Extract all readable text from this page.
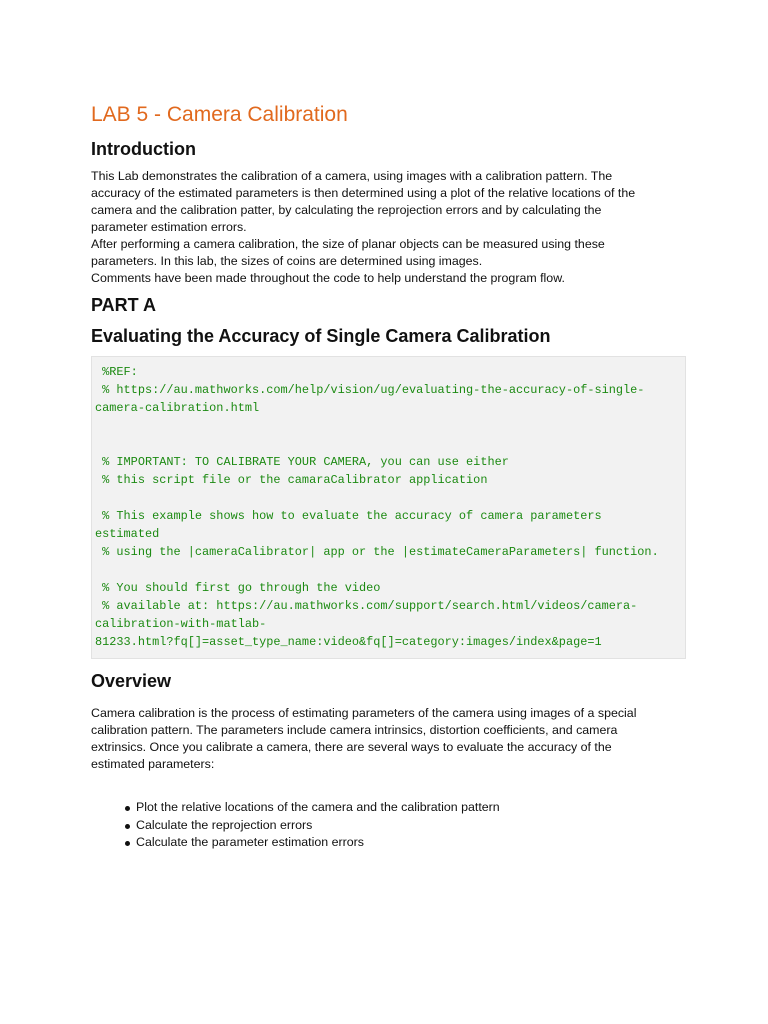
LAB 5 - Camera Calibration
Introduction
This Lab demonstrates the calibration of a camera, using images with a calibration pattern. The
accuracy of the estimated parameters is then determined using a plot of the relative locations of the
camera and the calibration patter, by calculating the reprojection errors and by calculating the
parameter estimation errors.
After performing a camera calibration, the size of planar objects can be measured using these
parameters. In this lab, the sizes of coins are determined using images.
Comments have been made throughout the code to help understand the program flow.
PART A
Evaluating the Accuracy of Single Camera Calibration
%REF:
% https://au.mathworks.com/help/vision/ug/evaluating-the-accuracy-of-single-
camera-calibration.html
% IMPORTANT: TO CALIBRATE YOUR CAMERA, you can use either
% this script file or the camaraCalibrator application
% This example shows how to evaluate the accuracy of camera parameters
estimated
% using the |cameraCalibrator| app or the |estimateCameraParameters| function.
% You should first go through the video
% available at: https://au.mathworks.com/support/search.html/videos/camera-
calibration-with-matlab-
81233.html?fq[]=asset_type_name:video&fq[]=category:images/index&page=1
Overview
Camera calibration is the process of estimating parameters of the camera using images of a special
calibration pattern. The parameters include camera intrinsics, distortion coefficients, and camera
extrinsics. Once you calibrate a camera, there are several ways to evaluate the accuracy of the
estimated parameters:
Plot the relative locations of the camera and the calibration pattern
Calculate the reprojection errors
Calculate the parameter estimation errors
